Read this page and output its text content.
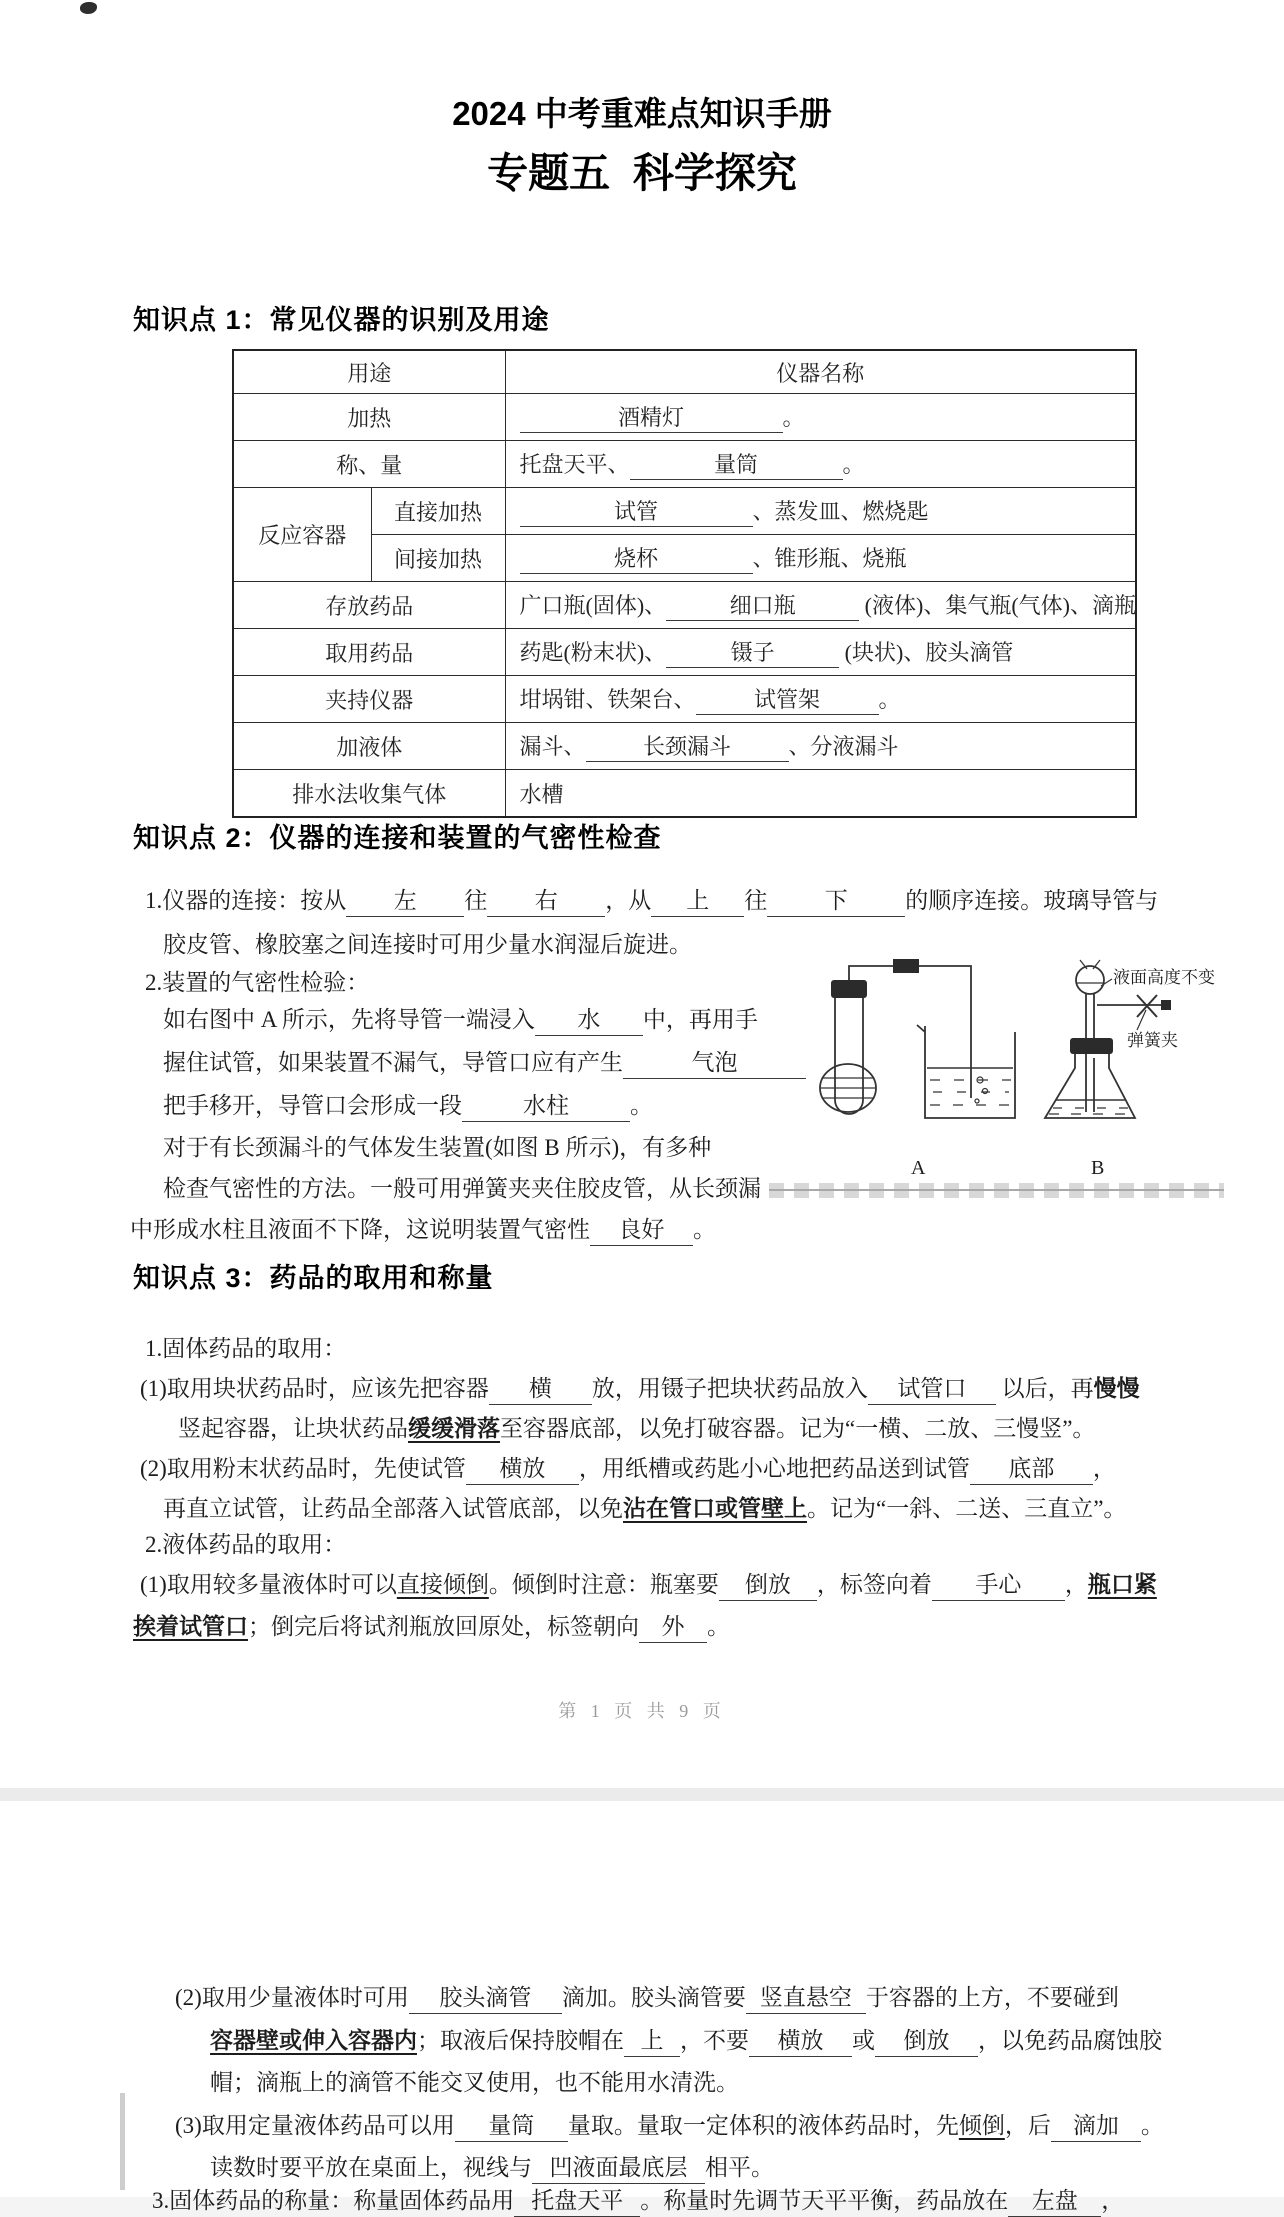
2024 中考重难点知识手册
专题五  科学探究
知识点 1：常见仪器的识别及用途
用途		仪器名称
加热		酒精灯 。
称、量		托盘天平、 量筒 。
反应容器	直接加热	试管 、蒸发皿、燃烧匙
	间接加热	烧杯 、锥形瓶、烧瓶
存放药品		广口瓶(固体)、 细口瓶 (液体)、集气瓶(气体)、滴瓶
取用药品		药匙(粉末状)、 镊子 (块状)、胶头滴管
夹持仪器		坩埚钳、铁架台、 试管架 。
加液体		漏斗、 长颈漏斗 、分液漏斗
排水法收集气体		水槽
知识点 2：仪器的连接和装置的气密性检查
1.仪器的连接：按从 左 往 右 ，从 上 往	下	的顺序连接。玻璃导管与
胶皮管、橡胶塞之间连接时可用少量水润湿后旋进。
2.装置的气密性检验：
如右图中 A 所示，先将导管一端浸入 水 中，再用手
握住试管，如果装置不漏气，导管口应有产生	气泡
把手移开，导管口会形成一段	水柱	。
对于有长颈漏斗的气体发生装置(如图 B 所示)，有多种
检查气密性的方法。一般可用弹簧夹夹住胶皮管，从长颈漏
中形成水柱且液面不下降，这说明装置气密性 良好 。
液面高度不变
弹簧夹
A	B
知识点 3：药品的取用和称量
1.固体药品的取用：
(1)取用块状药品时，应该先把容器 横 放，用镊子把块状药品放入 试管口 以后，再慢慢
竖起容器，让块状药品缓缓滑落至容器底部，以免打破容器。记为“一横、二放、三慢竖”。
(2)取用粉末状药品时，先使试管 横放 ，用纸槽或药匙小心地把药品送到试管 底部 ，
再直立试管，让药品全部落入试管底部，以免沾在管口或管壁上。记为“一斜、二送、三直立”。
2.液体药品的取用：
(1)取用较多量液体时可以直接倾倒。倾倒时注意：瓶塞要 倒放 ，标签向着 手心 ，瓶口紧
挨着试管口；倒完后将试剂瓶放回原处，标签朝向 外 。
第 1 页 共 9 页
(2)取用少量液体时可用 胶头滴管 滴加。胶头滴管要 竖直悬空 于容器的上方，不要碰到
容器壁或伸入容器内；取液后保持胶帽在 上 ，不要 横放 或 倒放 ，以免药品腐蚀胶
帽；滴瓶上的滴管不能交叉使用，也不能用水清洗。
(3)取用定量液体药品可以用 量筒 量取。量取一定体积的液体药品时，先倾倒，后 滴加 。
读数时要平放在桌面上，视线与 凹液面最底层 相平。
3.固体药品的称量：称量固体药品用 托盘天平 。称量时先调节天平平衡，药品放在 左盘 ，
